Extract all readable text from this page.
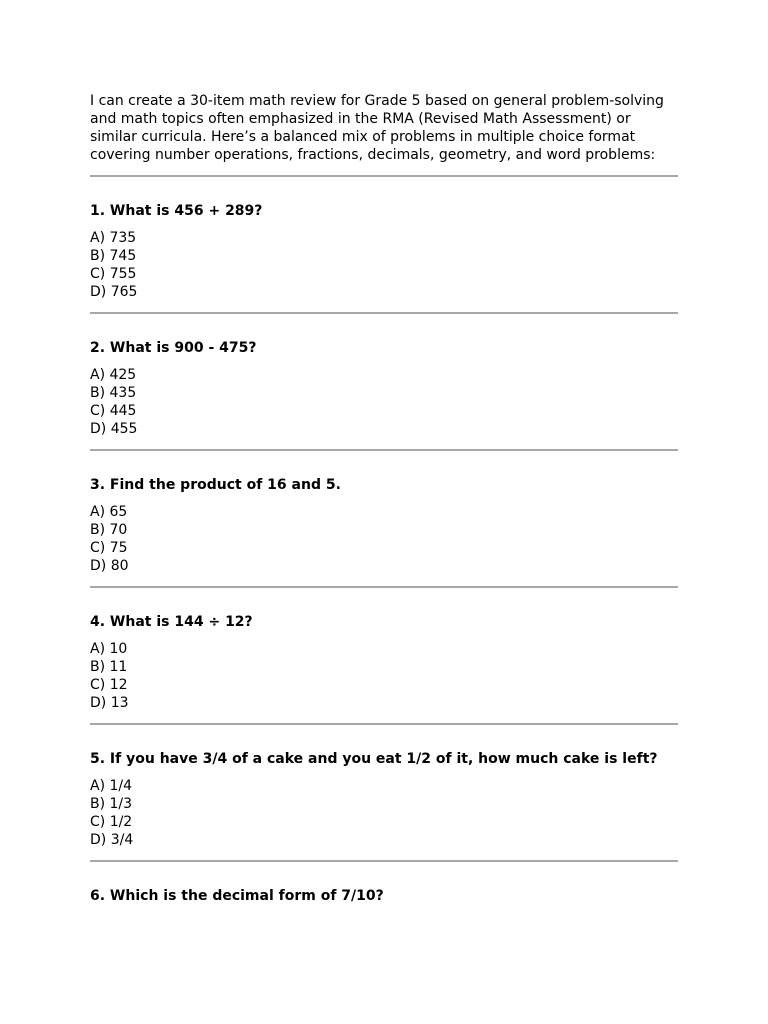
I can create a 30-item math review for Grade 5 based on general problem-solving and math topics often emphasized in the RMA (Revised Math Assessment) or similar curricula. Here’s a balanced mix of problems in multiple choice format covering number operations, fractions, decimals, geometry, and word problems:

1. What is 456 + 289?

A) 735
B) 745
C) 755
D) 765

2. What is 900 - 475?

A) 425
B) 435
C) 445
D) 455

3. Find the product of 16 and 5.

A) 65
B) 70
C) 75
D) 80

4. What is 144 ÷ 12?

A) 10
B) 11
C) 12
D) 13

5. If you have 3/4 of a cake and you eat 1/2 of it, how much cake is left?

A) 1/4
B) 1/3
C) 1/2
D) 3/4

6. Which is the decimal form of 7/10?
